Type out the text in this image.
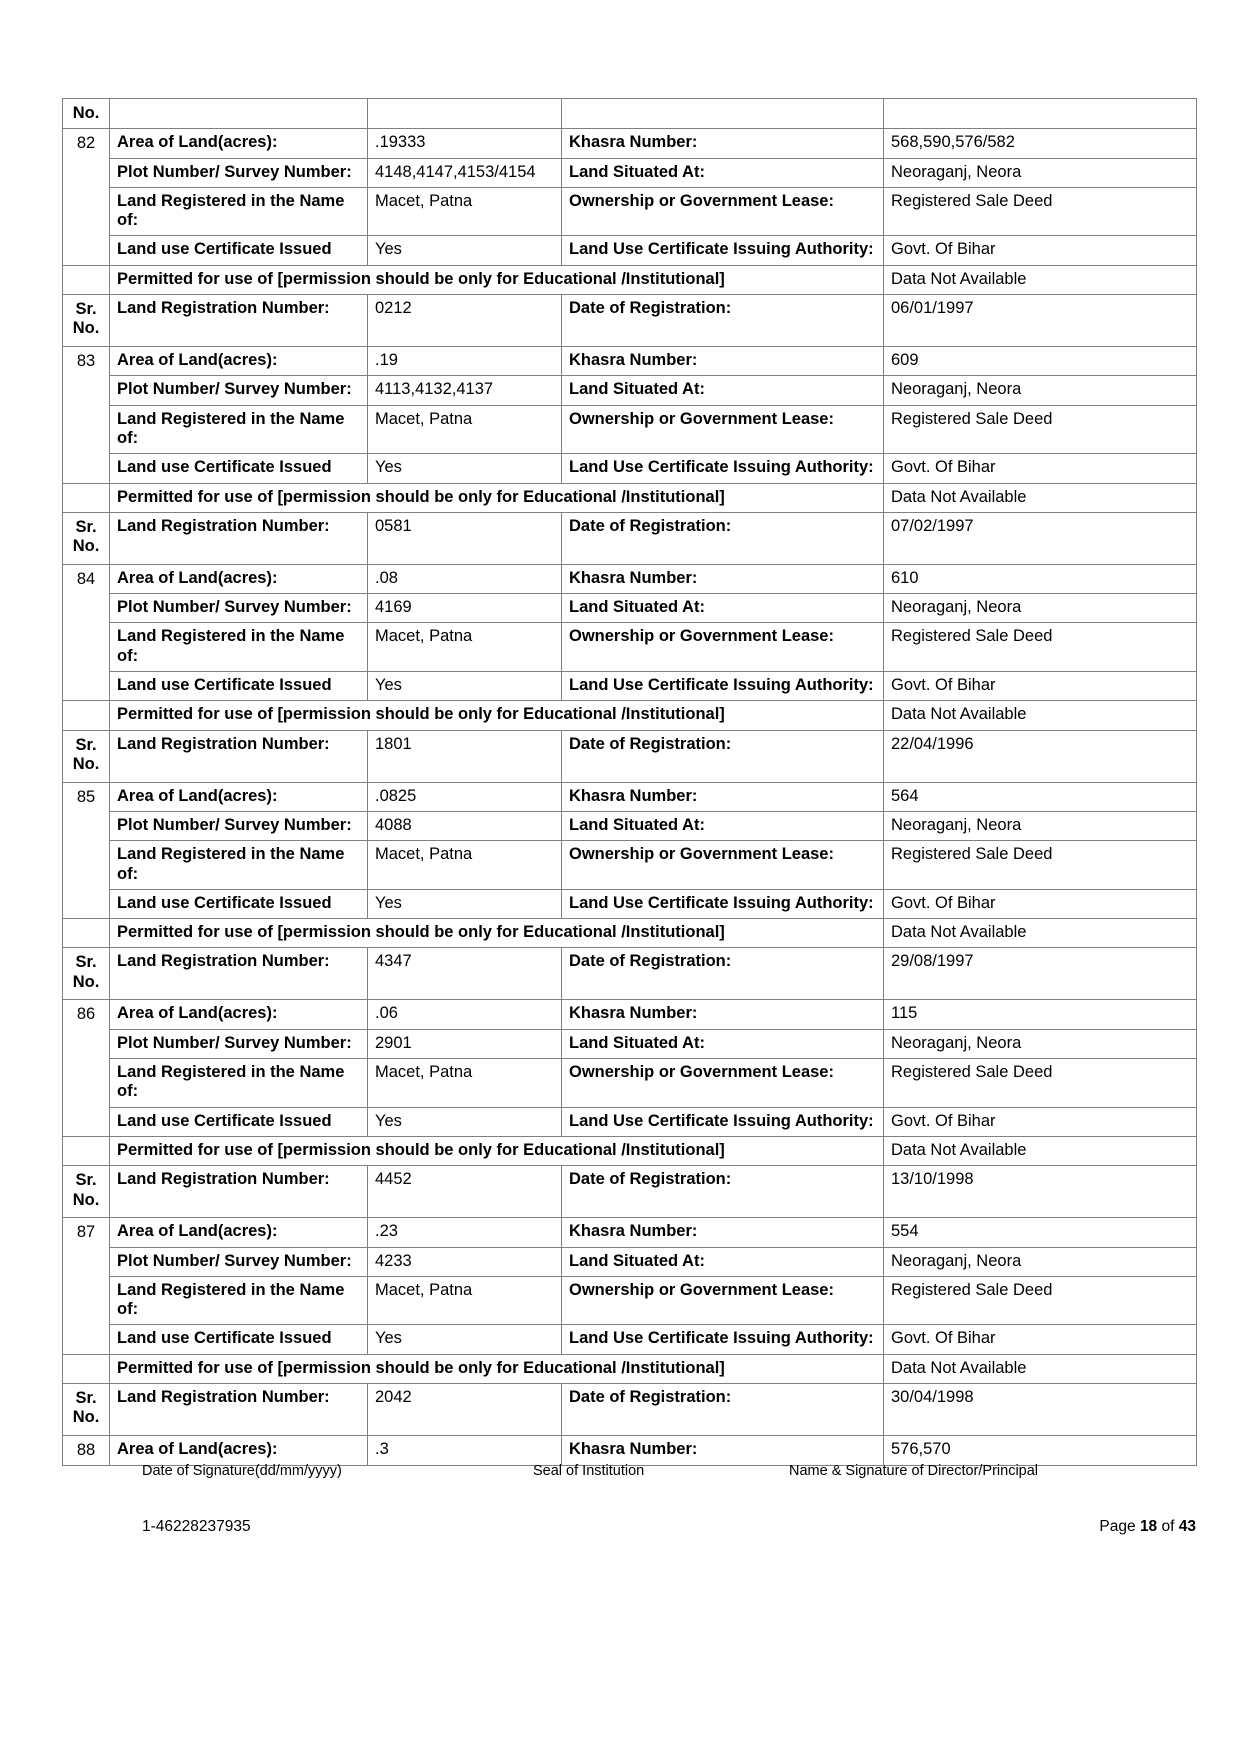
No.				
82	Area of Land(acres):	.19333	Khasra Number:	568,590,576/582
	Plot Number/ Survey Number:	4148,4147,4153/4154	Land Situated At:	Neoraganj, Neora
	Land Registered in the Name of:	Macet, Patna	Ownership or Government Lease:	Registered Sale Deed
	Land use Certificate Issued	Yes	Land Use Certificate Issuing Authority:	Govt. Of Bihar
	Permitted for use of [permission should be only for Educational /Institutional]			Data Not Available
Sr.
No.	Land Registration Number:	0212	Date of Registration:	06/01/1997
83	Area of Land(acres):	.19	Khasra Number:	609
	Plot Number/ Survey Number:	4113,4132,4137	Land Situated At:	Neoraganj, Neora
	Land Registered in the Name of:	Macet, Patna	Ownership or Government Lease:	Registered Sale Deed
	Land use Certificate Issued	Yes	Land Use Certificate Issuing Authority:	Govt. Of Bihar
	Permitted for use of [permission should be only for Educational /Institutional]			Data Not Available
Sr.
No.	Land Registration Number:	0581	Date of Registration:	07/02/1997
84	Area of Land(acres):	.08	Khasra Number:	610
	Plot Number/ Survey Number:	4169	Land Situated At:	Neoraganj, Neora
	Land Registered in the Name of:	Macet, Patna	Ownership or Government Lease:	Registered Sale Deed
	Land use Certificate Issued	Yes	Land Use Certificate Issuing Authority:	Govt. Of Bihar
	Permitted for use of [permission should be only for Educational /Institutional]			Data Not Available
Sr.
No.	Land Registration Number:	1801	Date of Registration:	22/04/1996
85	Area of Land(acres):	.0825	Khasra Number:	564
	Plot Number/ Survey Number:	4088	Land Situated At:	Neoraganj, Neora
	Land Registered in the Name of:	Macet, Patna	Ownership or Government Lease:	Registered Sale Deed
	Land use Certificate Issued	Yes	Land Use Certificate Issuing Authority:	Govt. Of Bihar
	Permitted for use of [permission should be only for Educational /Institutional]			Data Not Available
Sr.
No.	Land Registration Number:	4347	Date of Registration:	29/08/1997
86	Area of Land(acres):	.06	Khasra Number:	115
	Plot Number/ Survey Number:	2901	Land Situated At:	Neoraganj, Neora
	Land Registered in the Name of:	Macet, Patna	Ownership or Government Lease:	Registered Sale Deed
	Land use Certificate Issued	Yes	Land Use Certificate Issuing Authority:	Govt. Of Bihar
	Permitted for use of [permission should be only for Educational /Institutional]			Data Not Available
Sr.
No.	Land Registration Number:	4452	Date of Registration:	13/10/1998
87	Area of Land(acres):	.23	Khasra Number:	554
	Plot Number/ Survey Number:	4233	Land Situated At:	Neoraganj, Neora
	Land Registered in the Name of:	Macet, Patna	Ownership or Government Lease:	Registered Sale Deed
	Land use Certificate Issued	Yes	Land Use Certificate Issuing Authority:	Govt. Of Bihar
	Permitted for use of [permission should be only for Educational /Institutional]			Data Not Available
Sr.
No.	Land Registration Number:	2042	Date of Registration:	30/04/1998
88	Area of Land(acres):	.3	Khasra Number:	576,570
Date of Signature(dd/mm/yyyy)	Seal of Institution	Name & Signature of Director/Principal
1-46228237935	Page 18 of 43
